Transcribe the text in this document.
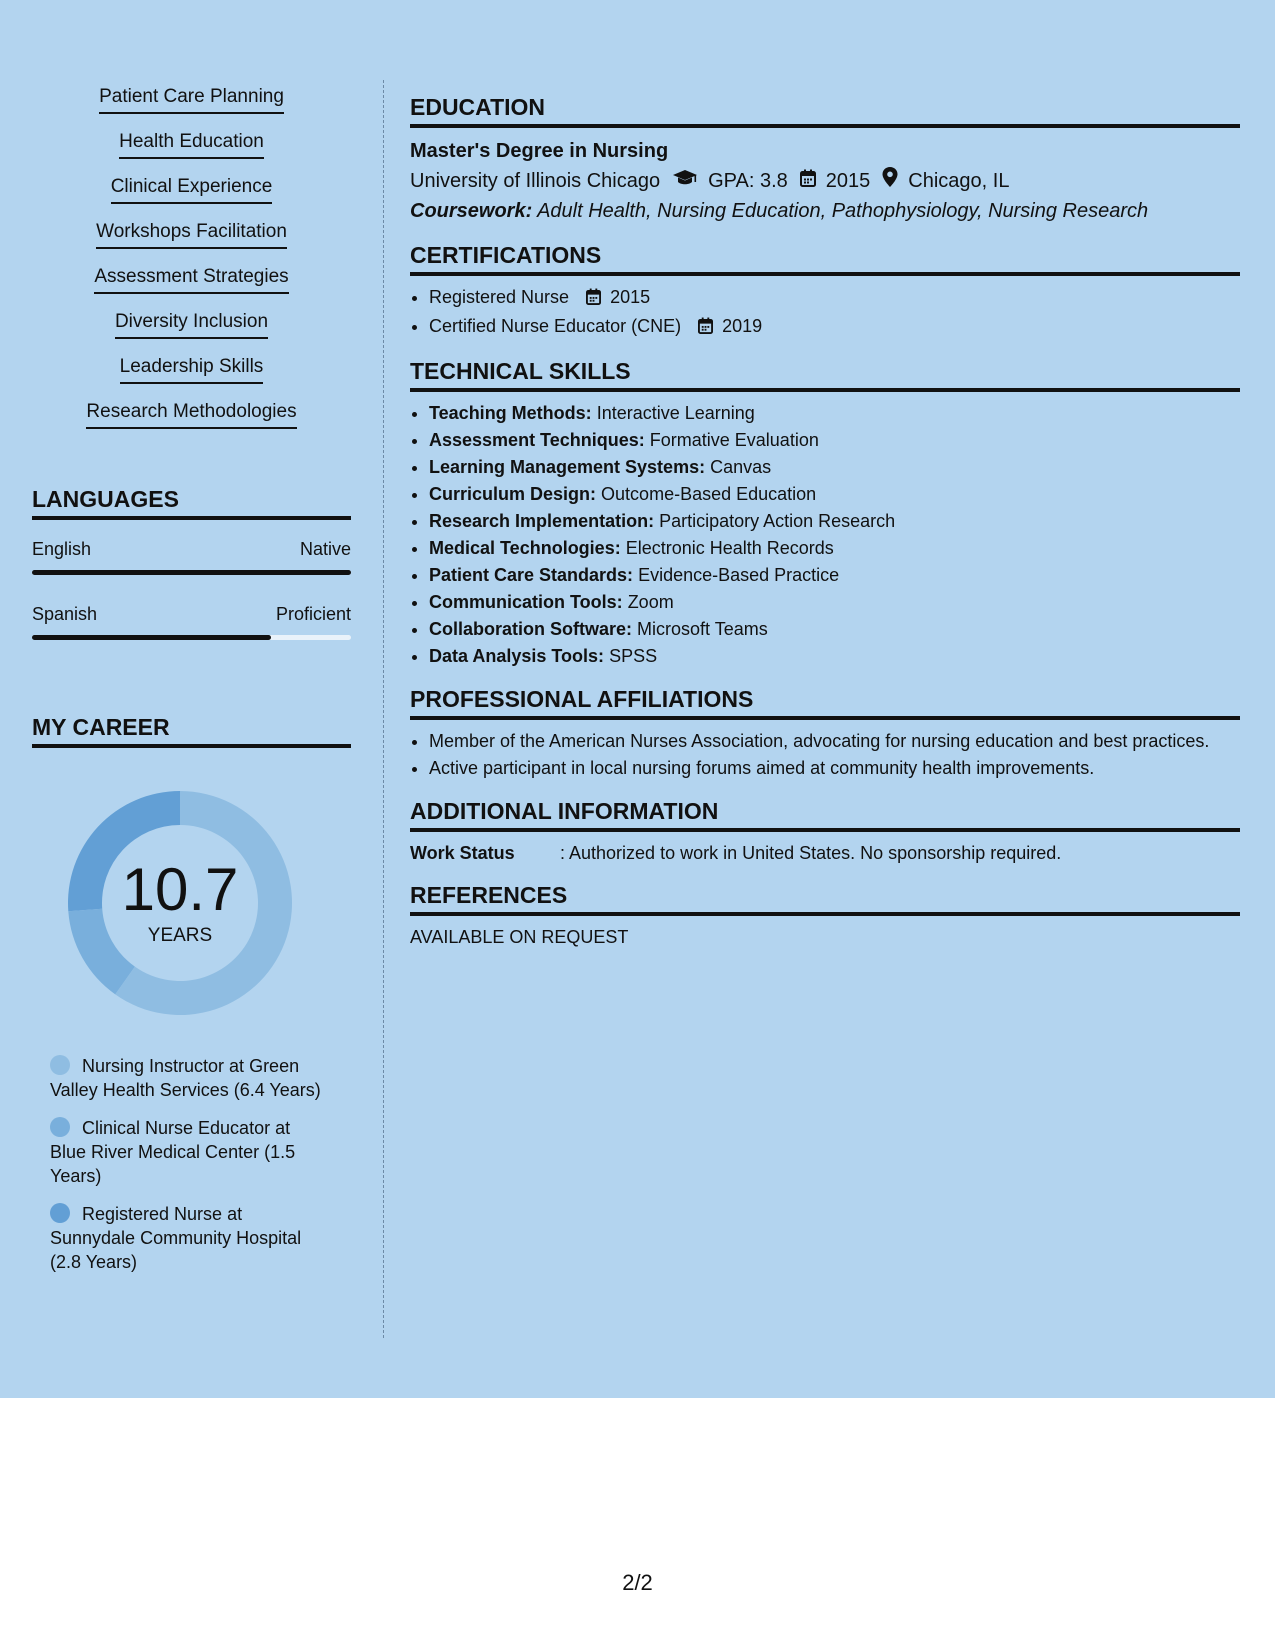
Patient Care Planning
Health Education
Clinical Experience
Workshops Facilitation
Assessment Strategies
Diversity Inclusion
Leadership Skills
Research Methodologies
LANGUAGES
English	Native
Spanish	Proficient
MY CAREER
10.7
YEARS
Nursing Instructor at Green Valley Health Services (6.4 Years)
Clinical Nurse Educator at Blue River Medical Center (1.5 Years)
Registered Nurse at Sunnydale Community Hospital (2.8 Years)
EDUCATION
Master's Degree in Nursing
University of Illinois Chicago GPA: 3.8 2015 Chicago, IL
Coursework: Adult Health, Nursing Education, Pathophysiology, Nursing Research
CERTIFICATIONS
• Registered Nurse 2015
• Certified Nurse Educator (CNE) 2019
TECHNICAL SKILLS
• Teaching Methods: Interactive Learning
• Assessment Techniques: Formative Evaluation
• Learning Management Systems: Canvas
• Curriculum Design: Outcome-Based Education
• Research Implementation: Participatory Action Research
• Medical Technologies: Electronic Health Records
• Patient Care Standards: Evidence-Based Practice
• Communication Tools: Zoom
• Collaboration Software: Microsoft Teams
• Data Analysis Tools: SPSS
PROFESSIONAL AFFILIATIONS
• Member of the American Nurses Association, advocating for nursing education and best practices.
• Active participant in local nursing forums aimed at community health improvements.
ADDITIONAL INFORMATION
Work Status	: Authorized to work in United States. No sponsorship required.
REFERENCES
AVAILABLE ON REQUEST
2/2
